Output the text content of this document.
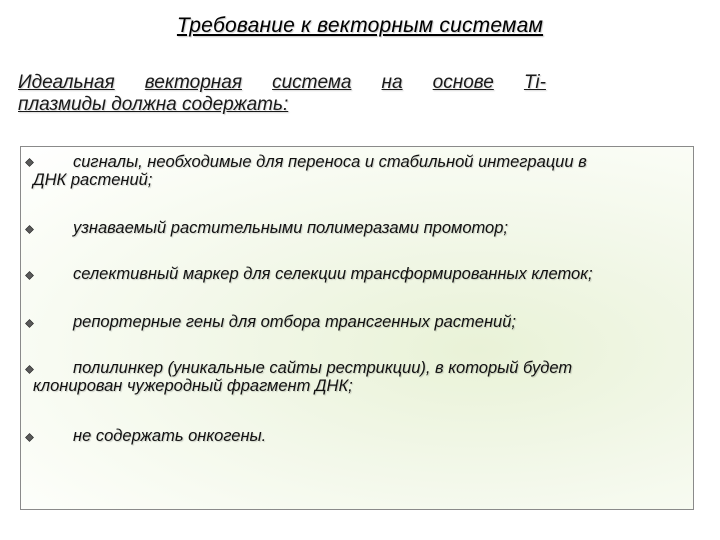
Требование к векторным системам
Идеальная векторная система на основе Ti-
плазмиды должна содержать:
сигналы, необходимые для переноса и стабильной интеграции в
ДНК растений;
узнаваемый растительными полимеразами промотор;
селективный маркер для селекции трансформированных клеток;
репортерные гены для отбора трансгенных растений;
полилинкер (уникальные сайты рестрикции), в который будет
клонирован чужеродный фрагмент ДНК;
не содержать онкогены.
